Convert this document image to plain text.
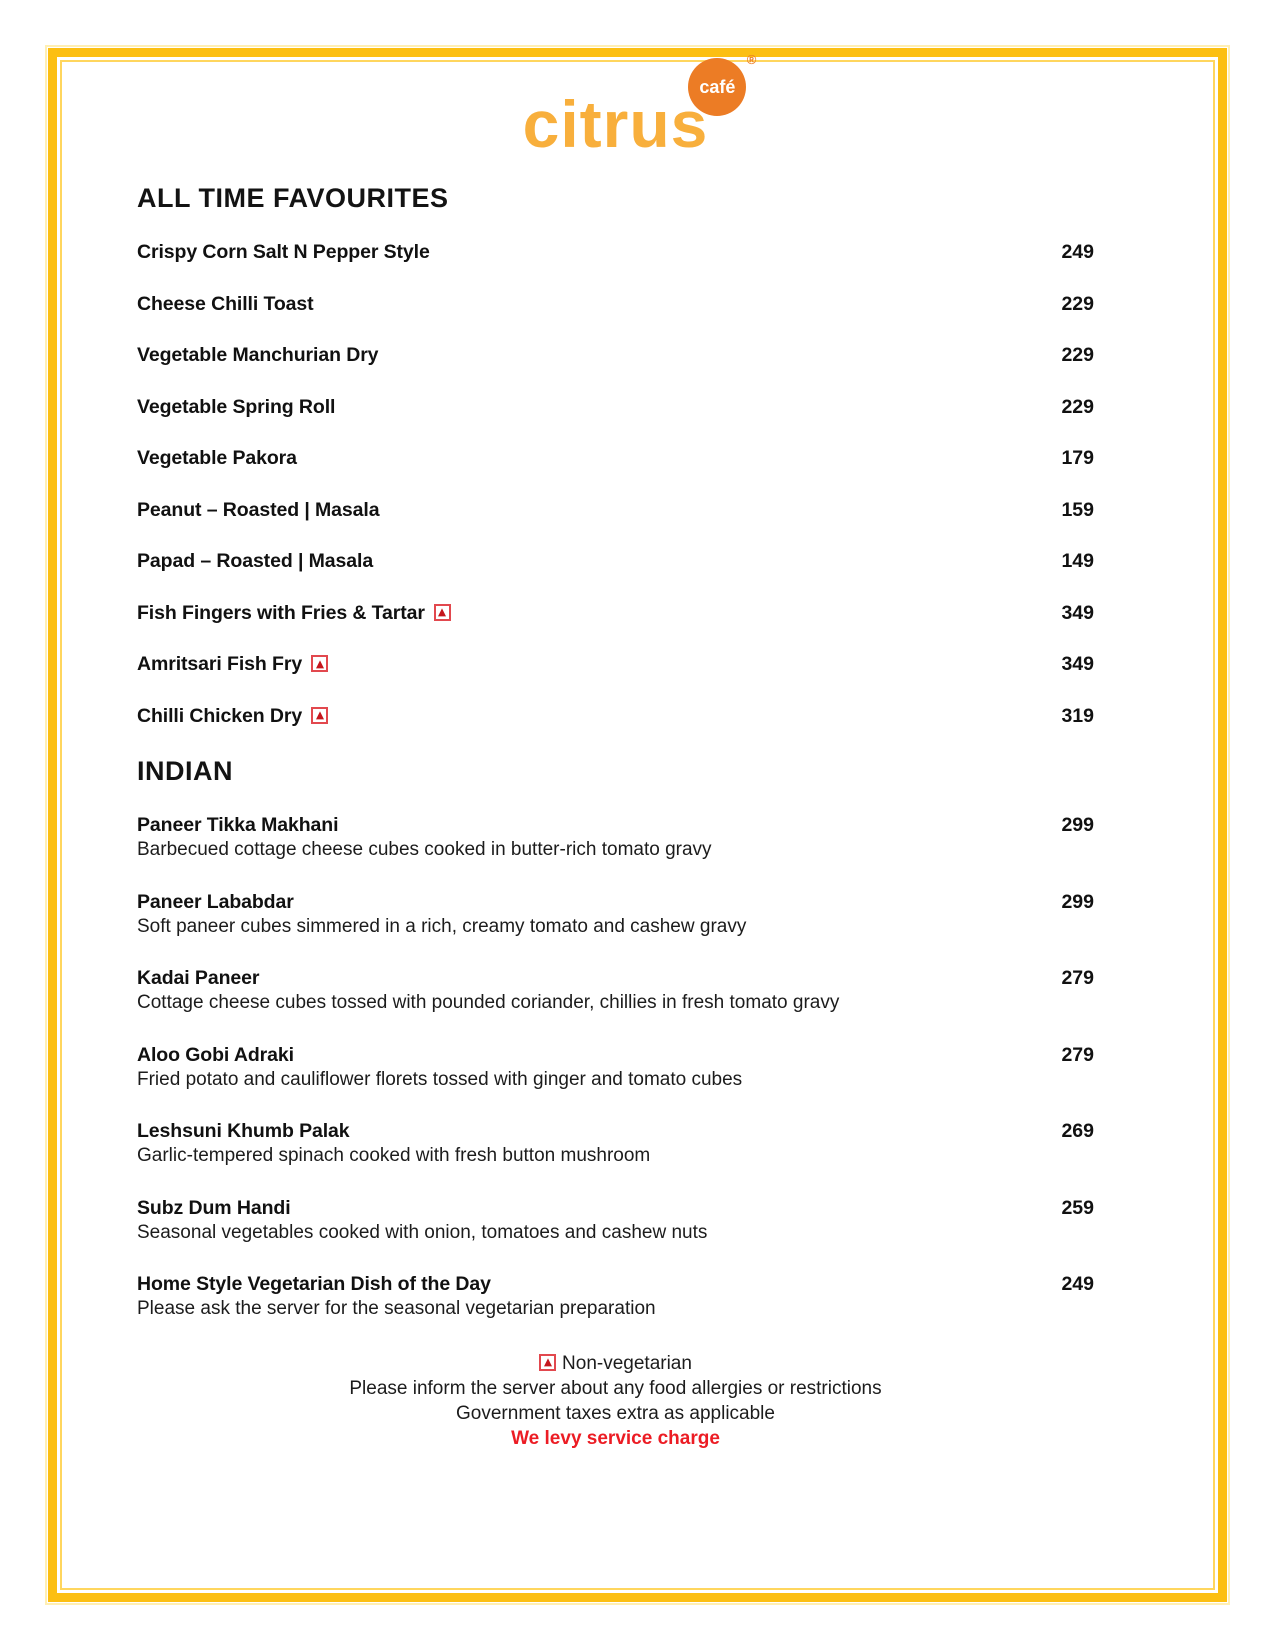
café
®
citrus
ALL TIME FAVOURITES
Crispy Corn Salt N Pepper Style	249
Cheese Chilli Toast	229
Vegetable Manchurian Dry	229
Vegetable Spring Roll	229
Vegetable Pakora	179
Peanut – Roasted | Masala	159
Papad – Roasted | Masala	149
Fish Fingers with Fries & Tartar	349
Amritsari Fish Fry	349
Chilli Chicken Dry	319
INDIAN
Paneer Tikka Makhani	299
Barbecued cottage cheese cubes cooked in butter-rich tomato gravy
Paneer Lababdar	299
Soft paneer cubes simmered in a rich, creamy tomato and cashew gravy
Kadai Paneer	279
Cottage cheese cubes tossed with pounded coriander, chillies in fresh tomato gravy
Aloo Gobi Adraki	279
Fried potato and cauliflower florets tossed with ginger and tomato cubes
Leshsuni Khumb Palak	269
Garlic-tempered spinach cooked with fresh button mushroom
Subz Dum Handi	259
Seasonal vegetables cooked with onion, tomatoes and cashew nuts
Home Style Vegetarian Dish of the Day	249
Please ask the server for the seasonal vegetarian preparation
Non-vegetarian
Please inform the server about any food allergies or restrictions
Government taxes extra as applicable
We levy service charge
